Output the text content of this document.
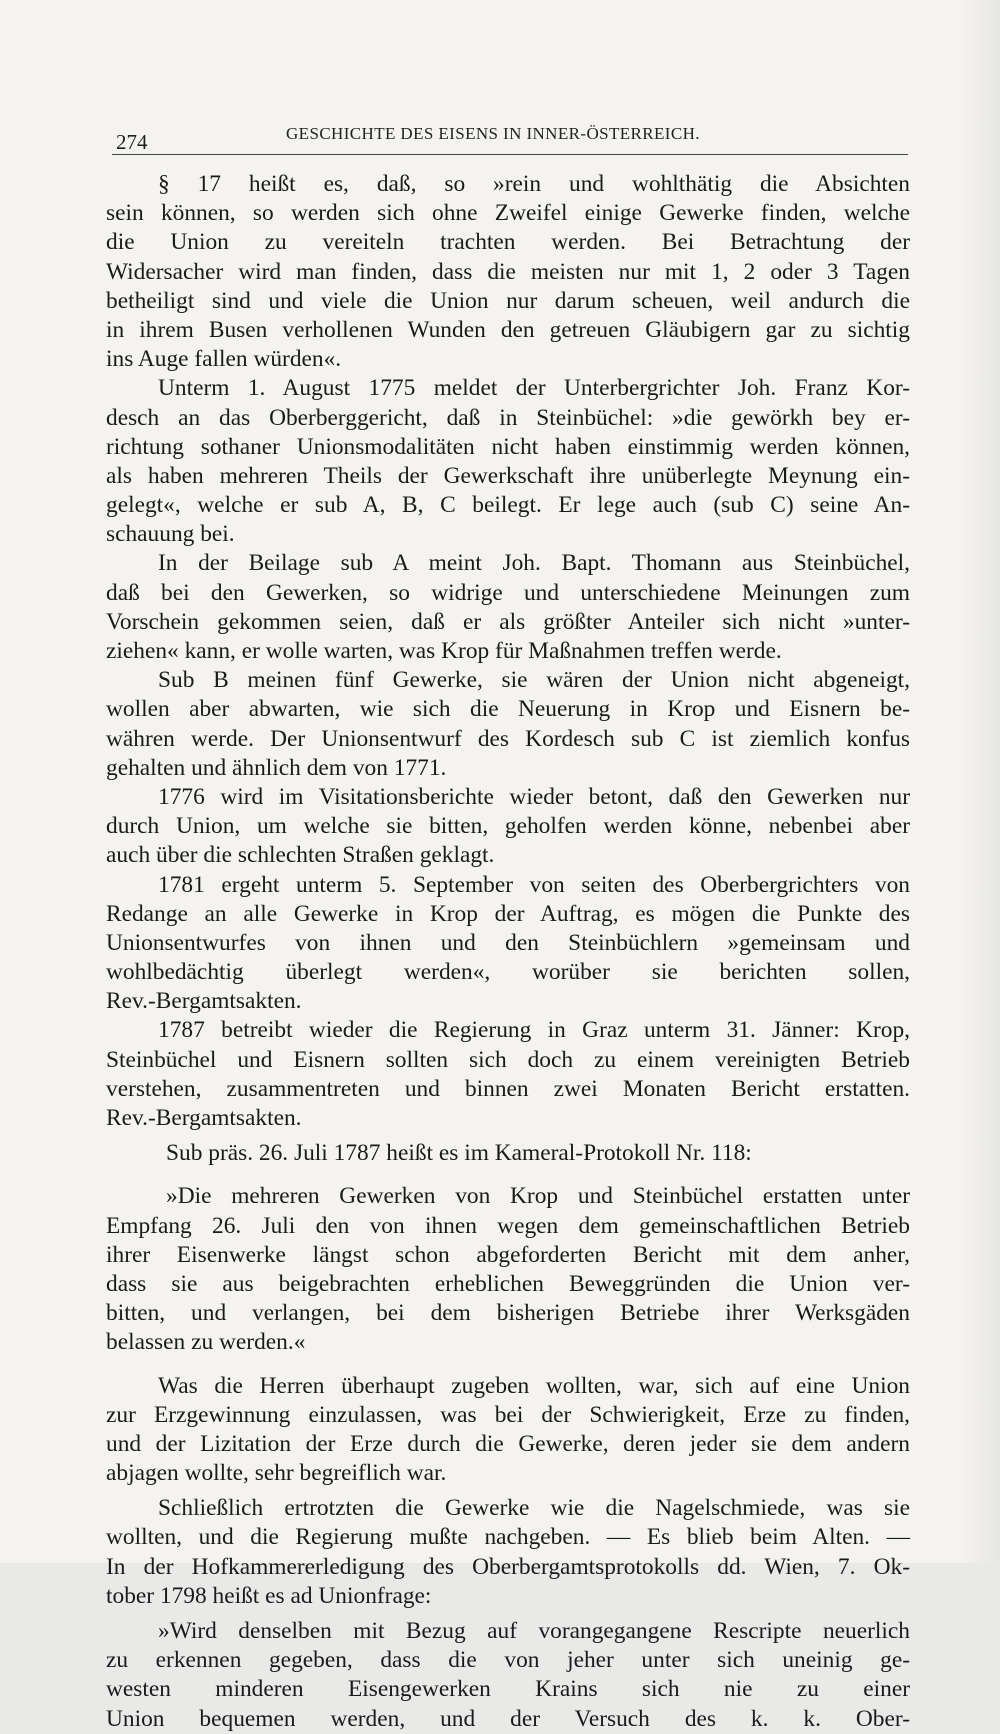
274	GESCHICHTE DES EISENS IN INNER-ÖSTERREICH.
§ 17 heißt es, daß, so »rein und wohlthätig die Absichten
sein können, so werden sich ohne Zweifel einige Gewerke finden, welche
die Union zu vereiteln trachten werden. Bei Betrachtung der
Widersacher wird man finden, dass die meisten nur mit 1, 2 oder 3 Tagen
betheiligt sind und viele die Union nur darum scheuen, weil andurch die
in ihrem Busen verhollenen Wunden den getreuen Gläubigern gar zu sichtig
ins Auge fallen würden«.
Unterm 1. August 1775 meldet der Unterbergrichter Joh. Franz Kor-
desch an das Oberberggericht, daß in Steinbüchel: »die gewörkh bey er-
richtung sothaner Unionsmodalitäten nicht haben einstimmig werden können,
als haben mehreren Theils der Gewerkschaft ihre unüberlegte Meynung ein-
gelegt«, welche er sub A, B, C beilegt. Er lege auch (sub C) seine An-
schauung bei.
In der Beilage sub A meint Joh. Bapt. Thomann aus Steinbüchel,
daß bei den Gewerken, so widrige und unterschiedene Meinungen zum
Vorschein gekommen seien, daß er als größter Anteiler sich nicht »unter-
ziehen« kann, er wolle warten, was Krop für Maßnahmen treffen werde.
Sub B meinen fünf Gewerke, sie wären der Union nicht abgeneigt,
wollen aber abwarten, wie sich die Neuerung in Krop und Eisnern be-
währen werde. Der Unionsentwurf des Kordesch sub C ist ziemlich konfus
gehalten und ähnlich dem von 1771.
1776 wird im Visitationsberichte wieder betont, daß den Gewerken nur
durch Union, um welche sie bitten, geholfen werden könne, nebenbei aber
auch über die schlechten Straßen geklagt.
1781 ergeht unterm 5. September von seiten des Oberbergrichters von
Redange an alle Gewerke in Krop der Auftrag, es mögen die Punkte des
Unionsentwurfes von ihnen und den Steinbüchlern »gemeinsam und
wohlbedächtig überlegt werden«, worüber sie berichten sollen,
Rev.-Bergamtsakten.
1787 betreibt wieder die Regierung in Graz unterm 31. Jänner: Krop,
Steinbüchel und Eisnern sollten sich doch zu einem vereinigten Betrieb
verstehen, zusammentreten und binnen zwei Monaten Bericht erstatten.
Rev.-Bergamtsakten.
Sub präs. 26. Juli 1787 heißt es im Kameral-Protokoll Nr. 118:
»Die mehreren Gewerken von Krop und Steinbüchel erstatten unter
Empfang 26. Juli den von ihnen wegen dem gemeinschaftlichen Betrieb
ihrer Eisenwerke längst schon abgeforderten Bericht mit dem anher,
dass sie aus beigebrachten erheblichen Beweggründen die Union ver-
bitten, und verlangen, bei dem bisherigen Betriebe ihrer Werksgäden
belassen zu werden.«
Was die Herren überhaupt zugeben wollten, war, sich auf eine Union
zur Erzgewinnung einzulassen, was bei der Schwierigkeit, Erze zu finden,
und der Lizitation der Erze durch die Gewerke, deren jeder sie dem andern
abjagen wollte, sehr begreiflich war.
Schließlich ertrotzten die Gewerke wie die Nagelschmiede, was sie
wollten, und die Regierung mußte nachgeben. — Es blieb beim Alten. —
In der Hofkammererledigung des Oberbergamtsprotokolls dd. Wien, 7. Ok-
tober 1798 heißt es ad Unionfrage:
»Wird denselben mit Bezug auf vorangegangene Rescripte neuerlich
zu erkennen gegeben, dass die von jeher unter sich uneinig ge-
westen minderen Eisengewerken Krains sich nie zu einer
Union bequemen werden, und der Versuch des k. k. Ober-
